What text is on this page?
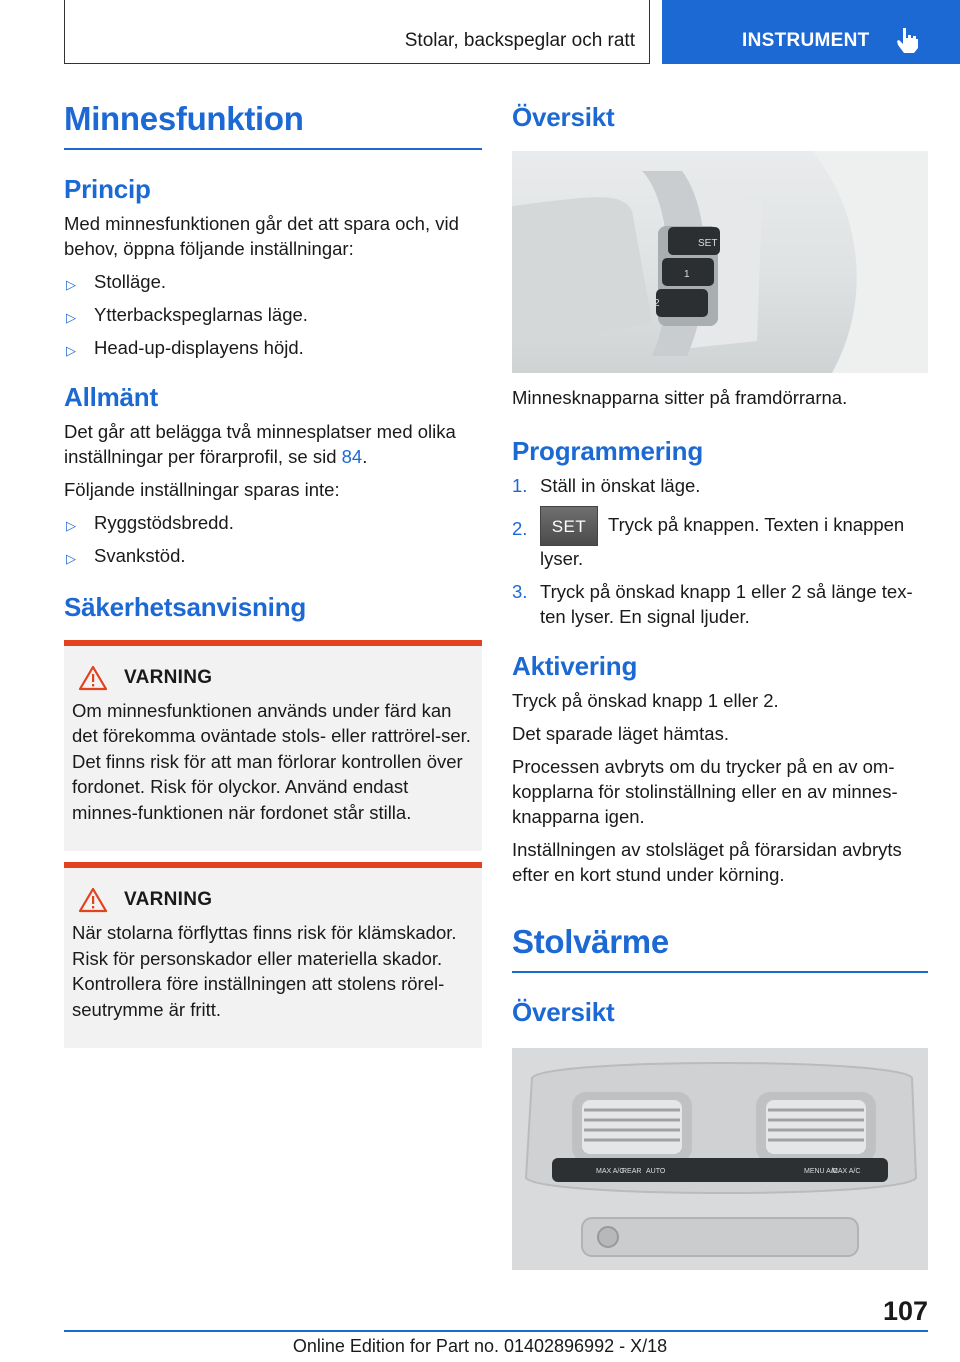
Stolar, backspeglar och ratt	INSTRUMENT
Minnesfunktion
Princip

Med minnesfunktionen går det att spara och, vid behov, öppna följande inställningar:

▷ Stolläge.
▷ Ytterbackspeglarnas läge.
▷ Head-up-displayens höjd.
Allmänt

Det går att belägga två minnesplatser med olika inställningar per förarprofil, se sid 84.

Följande inställningar sparas inte:

▷ Ryggstödsbredd.
▷ Svankstöd.
Säkerhetsanvisning
VARNING

Om minnesfunktionen används under färd kan det förekomma oväntade stols- eller rattrörel-ser. Det finns risk för att man förlorar kontrollen över fordonet. Risk för olyckor. Använd endast minnes-funktionen när fordonet står stilla.

VARNING

När stolarna förflyttas finns risk för klämskador. Risk för personskador eller materiella skador. Kontrollera före inställningen att stolens rörel-seutrymme är fritt.

Översikt
SET
1
2

Minnesknapparna sitter på framdörrarna.

Programmering
1. Ställ in önskat läge.
2. SET Tryck på knappen. Texten i knappen lyser.
3. Tryck på önskad knapp 1 eller 2 så länge tex-ten lyser. En signal ljuder.
Aktivering

Tryck på önskad knapp 1 eller 2.

Det sparade läget hämtas.

Processen avbryts om du trycker på en av om-kopplarna för stolinställning eller en av minnes-knapparna igen.

Inställningen av stolsläget på förarsidan avbryts efter en kort stund under körning.

Stolvärme
Översikt
MAX A/C
REAR AUTO	MENU A/C
MAX A/C
107
Online Edition for Part no. 01402896992 - X/18
